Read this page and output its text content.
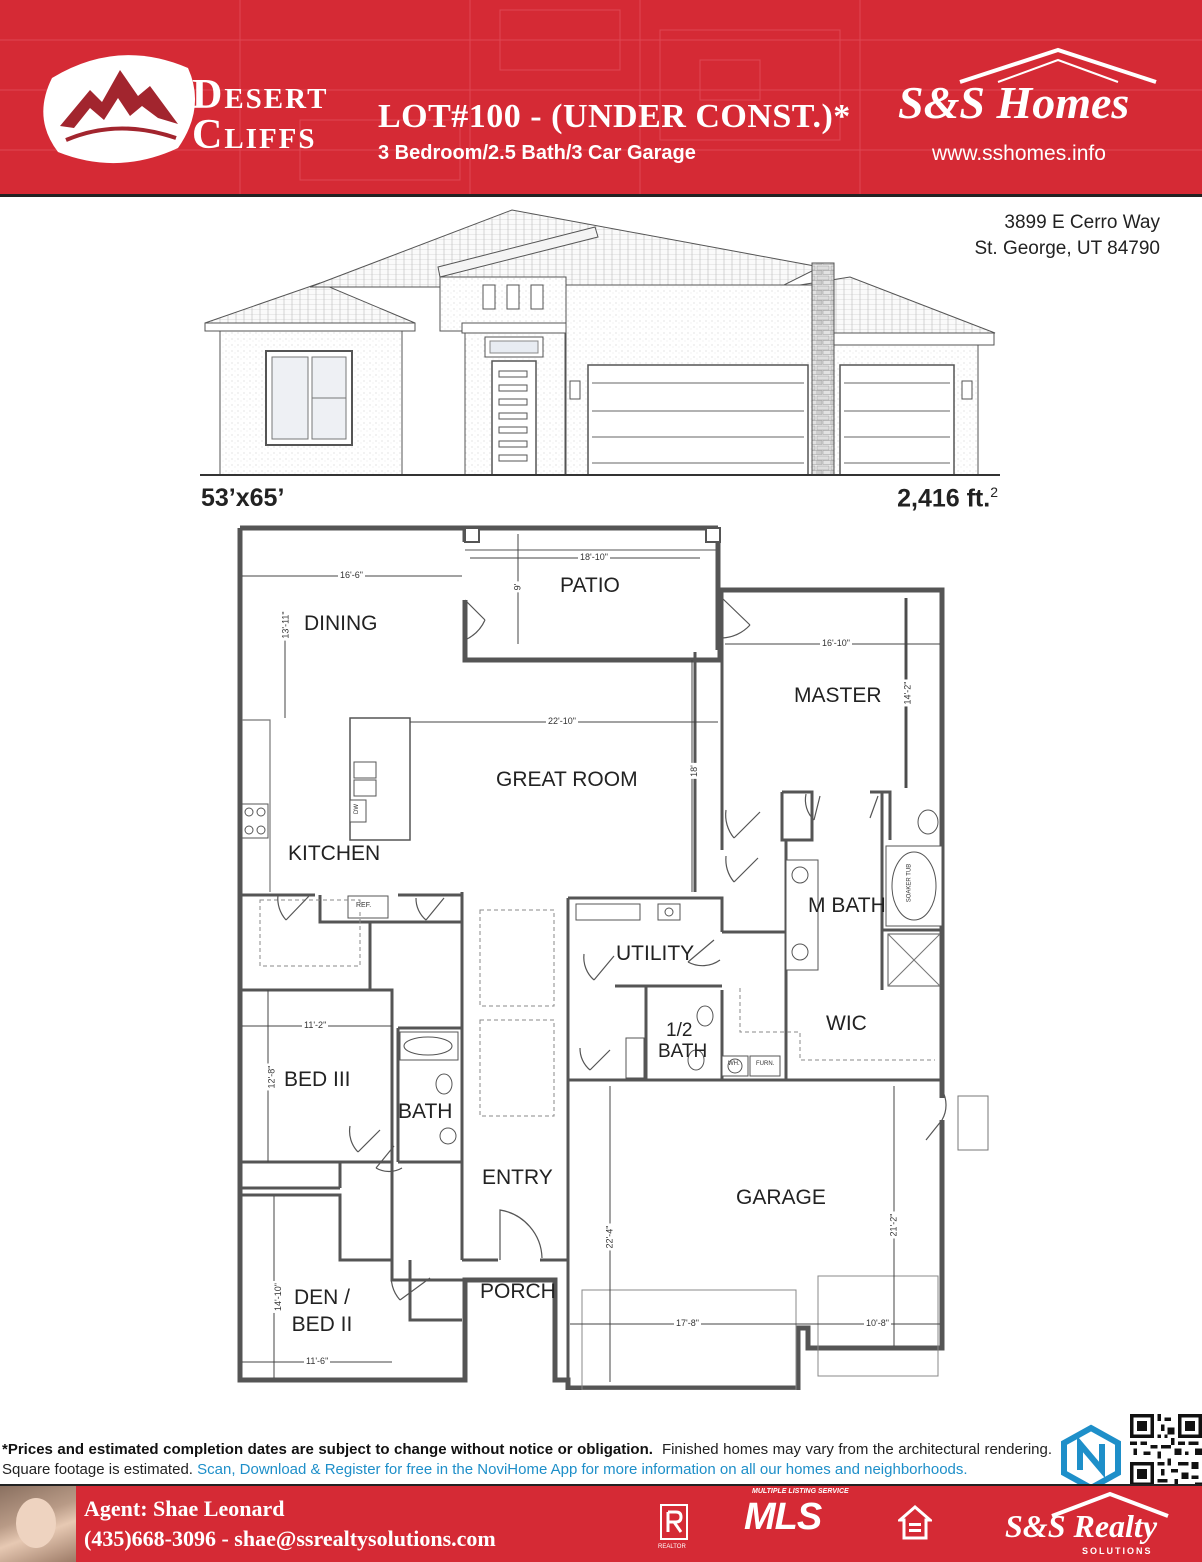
Desert
Cliffs LOT#100 - (UNDER CONST.)*
3 Bedroom/2.5 Bath/3 Car Garage
S&S Homes
www.sshomes.info
3899 E Cerro Way
St. George, UT 84790
53’x65’	2,416 ft.$^2$
DINING
PATIO
MASTER
GREAT ROOM
KITCHEN
M BATH
UTILITY
WIC
1/2
BATH
BED III
BATH
ENTRY
GARAGE
PORCH
DEN /
BED II
16'-6"
13'-11"
18'-10"
9'
16'-10"
14'-2"
22'-10"
18'
11'-2"
12'-8"
11'-6"
14'-10"
22'-4"
21'-2"
17'-8"	10'-8"
REF.
WH.	FURN.
SOAKER TUB
DW
*Prices and estimated completion dates are subject to change without notice or obligation. Finished homes may vary from the architectural rendering. Square footage is estimated. Scan, Download & Register for free in the NoviHome App for more information on all our homes and neighborhoods.
Agent: Shae Leonard
(435)668-3096 - shae@ssrealtysolutions.com	REALTOR
MULTIPLE LISTING SERVICE
MLS	S&S Realty
SOLUTIONS
